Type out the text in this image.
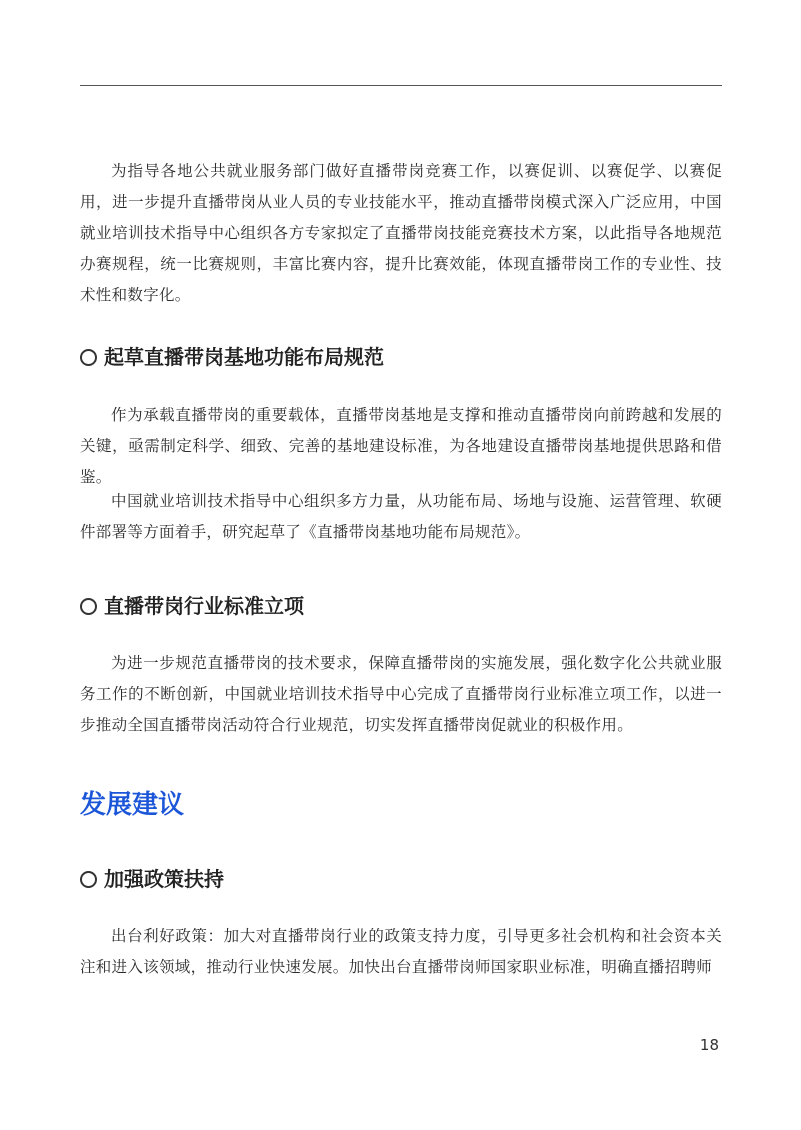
为指导各地公共就业服务部门做好直播带岗竞赛工作，以赛促训、以赛促学、以赛促用，进一步提升直播带岗从业人员的专业技能水平，推动直播带岗模式深入广泛应用，中国就业培训技术指导中心组织各方专家拟定了直播带岗技能竞赛技术方案，以此指导各地规范办赛规程，统一比赛规则，丰富比赛内容，提升比赛效能，体现直播带岗工作的专业性、技术性和数字化。

起草直播带岗基地功能布局规范

作为承载直播带岗的重要载体，直播带岗基地是支撑和推动直播带岗向前跨越和发展的关键，亟需制定科学、细致、完善的基地建设标准，为各地建设直播带岗基地提供思路和借鉴。

中国就业培训技术指导中心组织多方力量，从功能布局、场地与设施、运营管理、软硬件部署等方面着手，研究起草了《直播带岗基地功能布局规范》。

直播带岗行业标准立项

为进一步规范直播带岗的技术要求，保障直播带岗的实施发展，强化数字化公共就业服务工作的不断创新，中国就业培训技术指导中心完成了直播带岗行业标准立项工作，以进一步推动全国直播带岗活动符合行业规范，切实发挥直播带岗促就业的积极作用。

发展建议
加强政策扶持

出台利好政策：加大对直播带岗行业的政策支持力度，引导更多社会机构和社会资本关注和进入该领域，推动行业快速发展。加快出台直播带岗师国家职业标准，明确直播招聘师

18
